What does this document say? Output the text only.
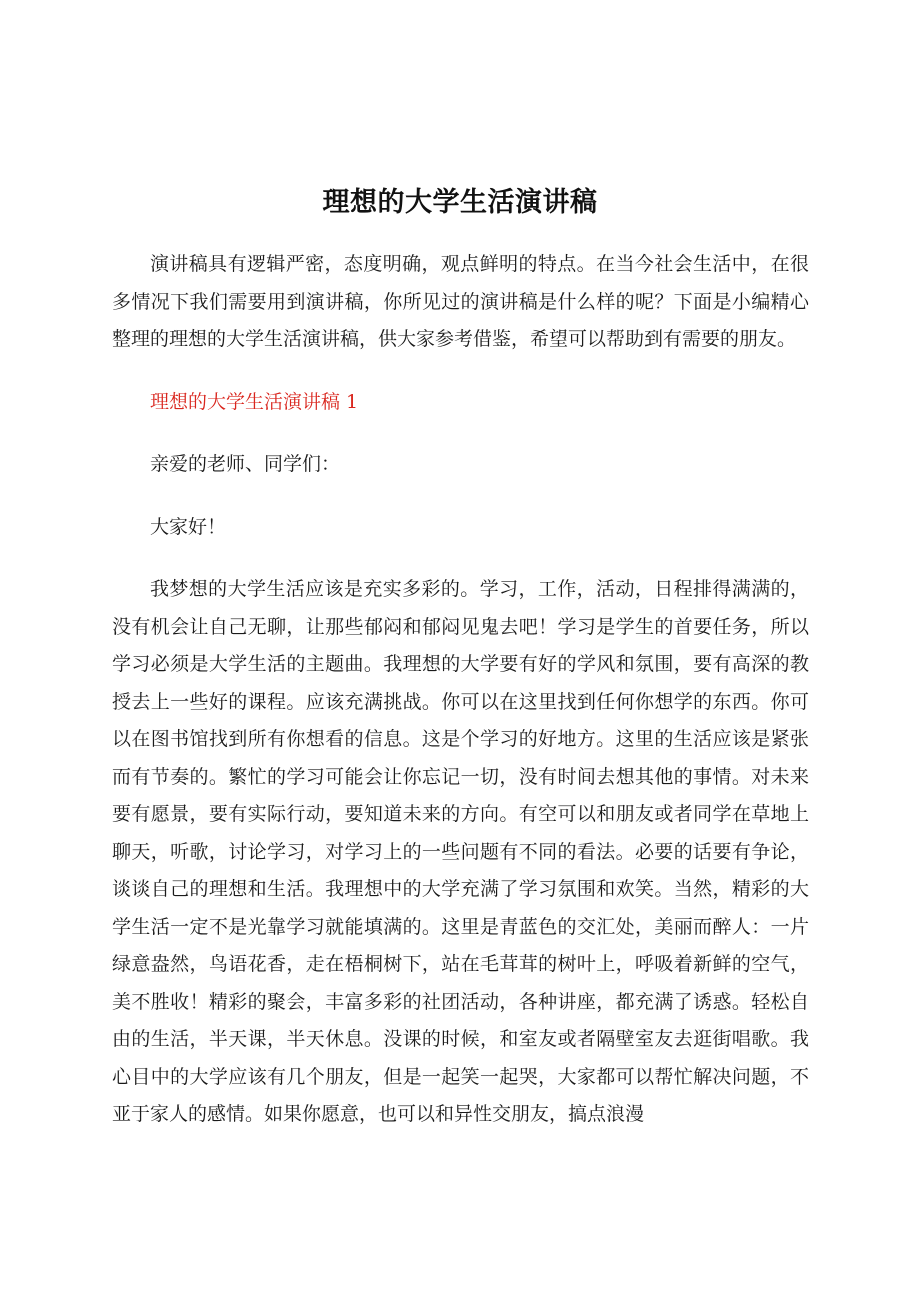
理想的大学生活演讲稿

演讲稿具有逻辑严密，态度明确，观点鲜明的特点。在当今社会生活中，在很多情况下我们需要用到演讲稿，你所见过的演讲稿是什么样的呢？下面是小编精心整理的理想的大学生活演讲稿，供大家参考借鉴，希望可以帮助到有需要的朋友。

理想的大学生活演讲稿 1

亲爱的老师、同学们：

大家好！

我梦想的大学生活应该是充实多彩的。学习，工作，活动，日程排得满满的，没有机会让自己无聊，让那些郁闷和郁闷见鬼去吧！学习是学生的首要任务，所以学习必须是大学生活的主题曲。我理想的大学要有好的学风和氛围，要有高深的教授去上一些好的课程。应该充满挑战。你可以在这里找到任何你想学的东西。你可以在图书馆找到所有你想看的信息。这是个学习的好地方。这里的生活应该是紧张而有节奏的。繁忙的学习可能会让你忘记一切，没有时间去想其他的事情。对未来要有愿景，要有实际行动，要知道未来的方向。有空可以和朋友或者同学在草地上聊天，听歌，讨论学习，对学习上的一些问题有不同的看法。必要的话要有争论，谈谈自己的理想和生活。我理想中的大学充满了学习氛围和欢笑。当然，精彩的大学生活一定不是光靠学习就能填满的。这里是青蓝色的交汇处，美丽而醉人：一片绿意盎然，鸟语花香，走在梧桐树下，站在毛茸茸的树叶上，呼吸着新鲜的空气，美不胜收！精彩的聚会，丰富多彩的社团活动，各种讲座，都充满了诱惑。轻松自由的生活，半天课，半天休息。没课的时候，和室友或者隔壁室友去逛街唱歌。我心目中的大学应该有几个朋友，但是一起笑一起哭，大家都可以帮忙解决问题，不亚于家人的感情。如果你愿意，也可以和异性交朋友，搞点浪漫
